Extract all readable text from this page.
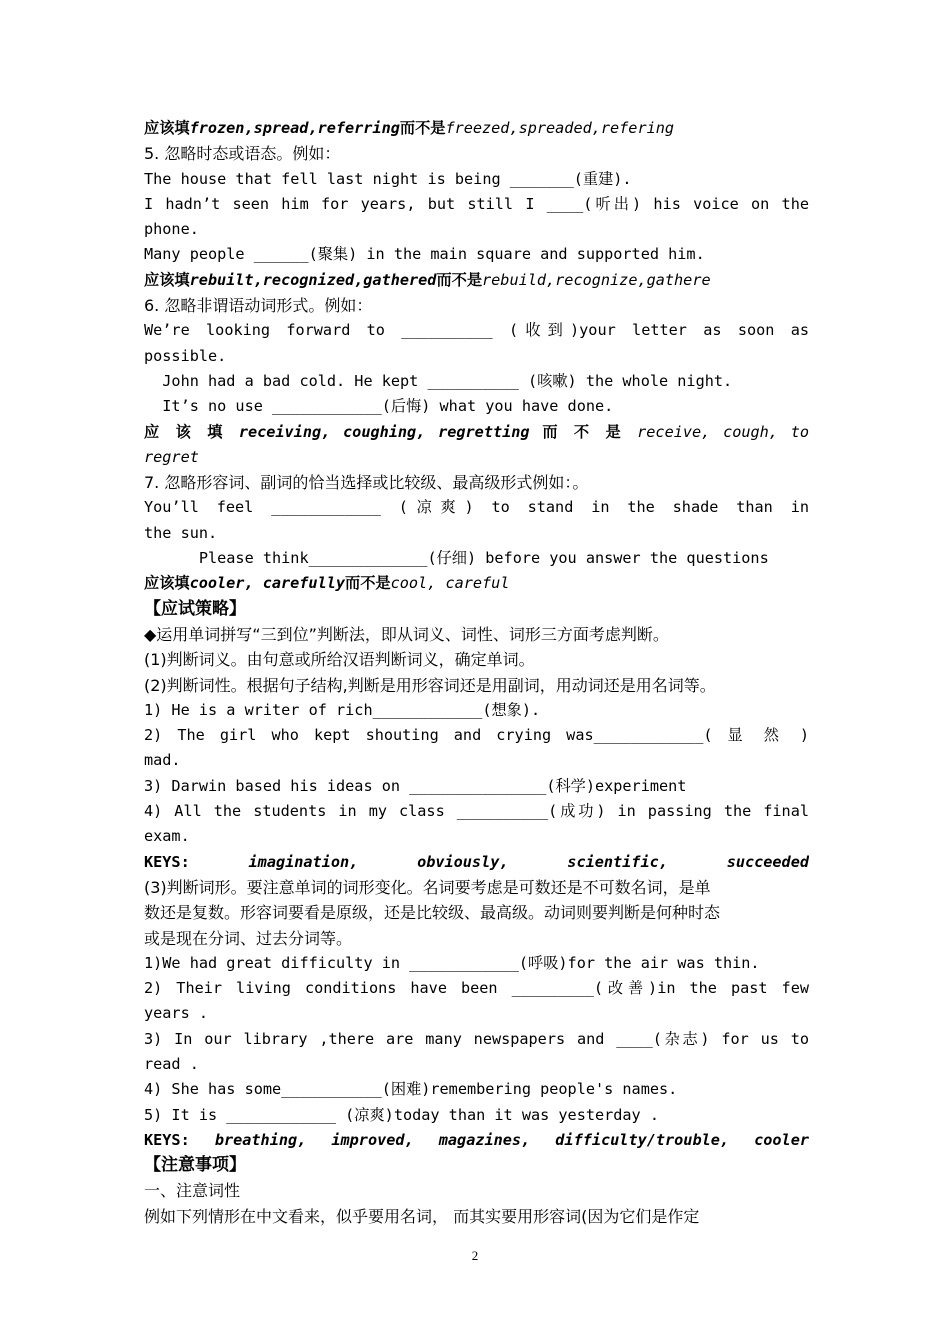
应该填frozen,spread,referring而不是freezed,spreaded,refering
5. 忽略时态或语态。例如：
The house that fell last night is being _______(重建).
I hadn’t seen him for years, but still I ____(听出) his voice on the
phone.
Many people ______(聚集) in the main square and supported him.
应该填rebuilt,recognized,gathered而不是rebuild,recognize,gathere
6. 忽略非谓语动词形式。例如：
We’re looking forward to __________ (收到)your letter as soon as
possible.
John had a bad cold. He kept __________ (咳嗽) the whole night.
It’s no use ____________(后悔) what you have done.
应 该 填 receiving, coughing, regretting 而 不 是 receive, cough, to
regret
7. 忽略形容词、副词的恰当选择或比较级、最高级形式例如：。
You’ll feel ____________ (凉爽) to stand in the shade than in
the sun.
Please think_____________(仔细) before you answer the questions
应该填cooler, carefully而不是cool, careful
【应试策略】
◆运用单词拼写“三到位”判断法，即从词义、词性、词形三方面考虑判断。
(1)判断词义。由句意或所给汉语判断词义，确定单词。
(2)判断词性。根据句子结构,判断是用形容词还是用副词，用动词还是用名词等。
1) He is a writer of rich____________(想象).
2) The girl who kept shouting and crying was____________( 显 然 )
mad.
3) Darwin based his ideas on _______________(科学)experiment
4) All the students in my class __________(成功) in passing the final
exam.
KEYS: imagination, obviously, scientific, succeeded
(3)判断词形。要注意单词的词形变化。名词要考虑是可数还是不可数名词，是单
数还是复数。形容词要看是原级，还是比较级、最高级。动词则要判断是何种时态
或是现在分词、过去分词等。
1)We had great difficulty in ____________(呼吸)for the air was thin.
2) Their living conditions have been _________(改善)in the past few
years .
3) In our library ,there are many newspapers and ____(杂志) for us to
read .
4) She has some___________(困难)remembering people's names.
5) It is ____________ (凉爽)today than it was yesterday .
KEYS: breathing, improved, magazines, difficulty/trouble, cooler
【注意事项】
一、注意词性
例如下列情形在中文看来，似乎要用名词， 而其实要用形容词(因为它们是作定
2
